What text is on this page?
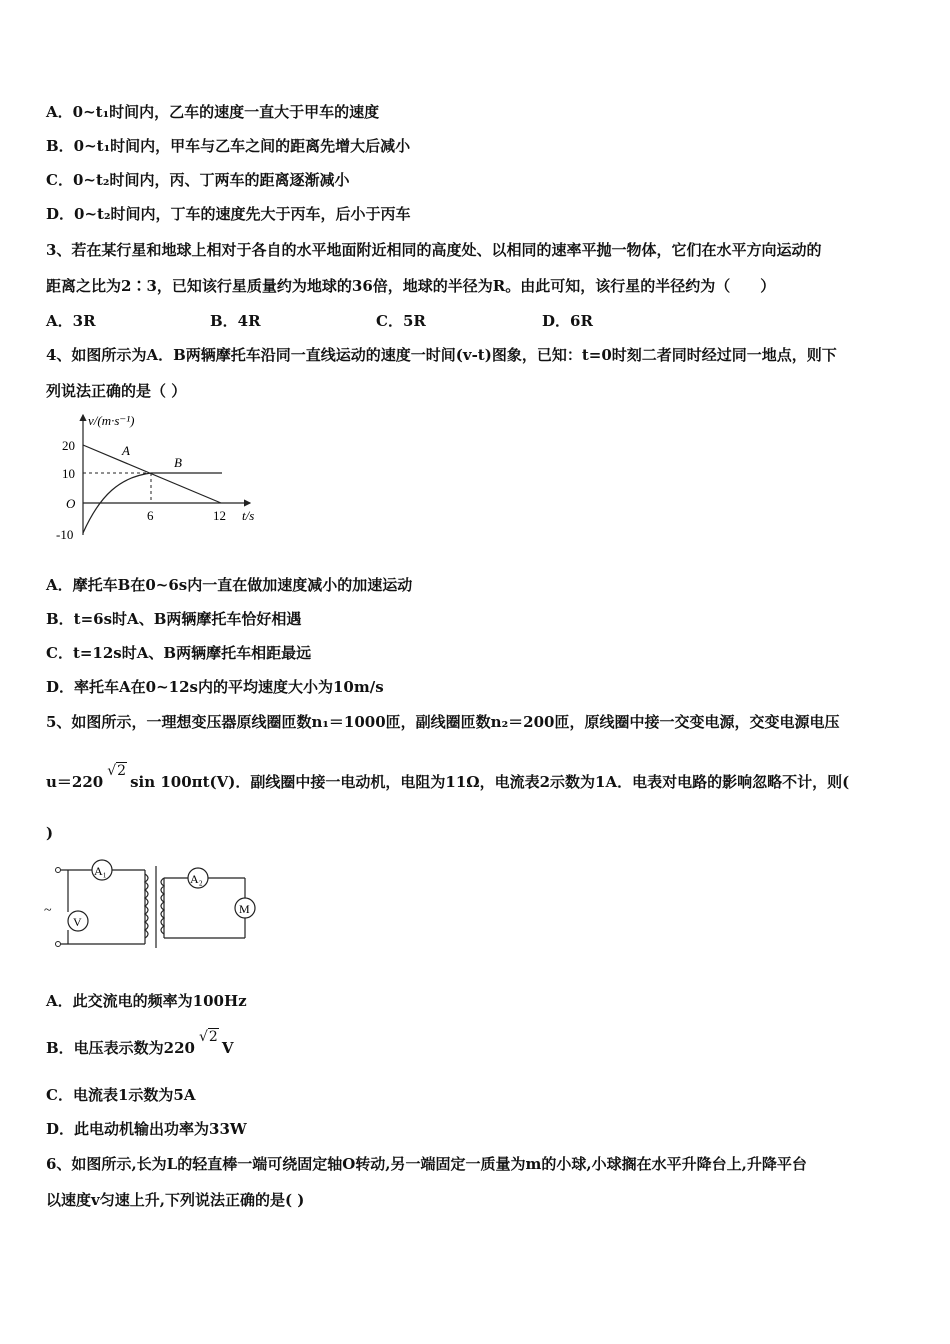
A．0~t₁时间内，乙车的速度一直大于甲车的速度
B．0~t₁时间内，甲车与乙车之间的距离先增大后减小
C．0~t₂时间内，丙、丁两车的距离逐渐减小
D．0~t₂时间内，丁车的速度先大于丙车，后小于丙车
3、若在某行星和地球上相对于各自的水平地面附近相同的高度处、以相同的速率平抛一物体，它们在水平方向运动的
距离之比为2∶3，已知该行星质量约为地球的36倍，地球的半径为R。由此可知，该行星的半径约为（　　）
A．3R	B．4R	C．5R	D．6R
4、如图所示为A．B两辆摩托车沿同一直线运动的速度一时间(v-t)图象，已知：t=0时刻二者同时经过同一地点，则下
列说法正确的是（ ）
v/(m·s⁻¹)
20
10
O
-10
6	12 t/s
A
B
A．摩托车B在0~6s内一直在做加速度减小的加速运动
B．t=6s时A、B两辆摩托车恰好相遇
C．t=12s时A、B两辆摩托车相距最远
D．率托车A在0~12s内的平均速度大小为10m/s
5、如图所示，一理想变压器原线圈匝数n₁＝1000匝，副线圈匝数n₂＝200匝，原线圈中接一交变电源，交变电源电压
u＝220√2sin 100πt(V)．副线圈中接一电动机，电阻为11Ω，电流表2示数为1A．电表对电路的影响忽略不计，则(
)
~
V
A₁
A₂
M
A．此交流电的频率为100Hz
B．电压表示数为220√2V
C．电流表1示数为5A
D．此电动机输出功率为33W
6、如图所示,长为L的轻直棒一端可绕固定轴O转动,另一端固定一质量为m的小球,小球搁在水平升降台上,升降平台
以速度v匀速上升,下列说法正确的是( )
